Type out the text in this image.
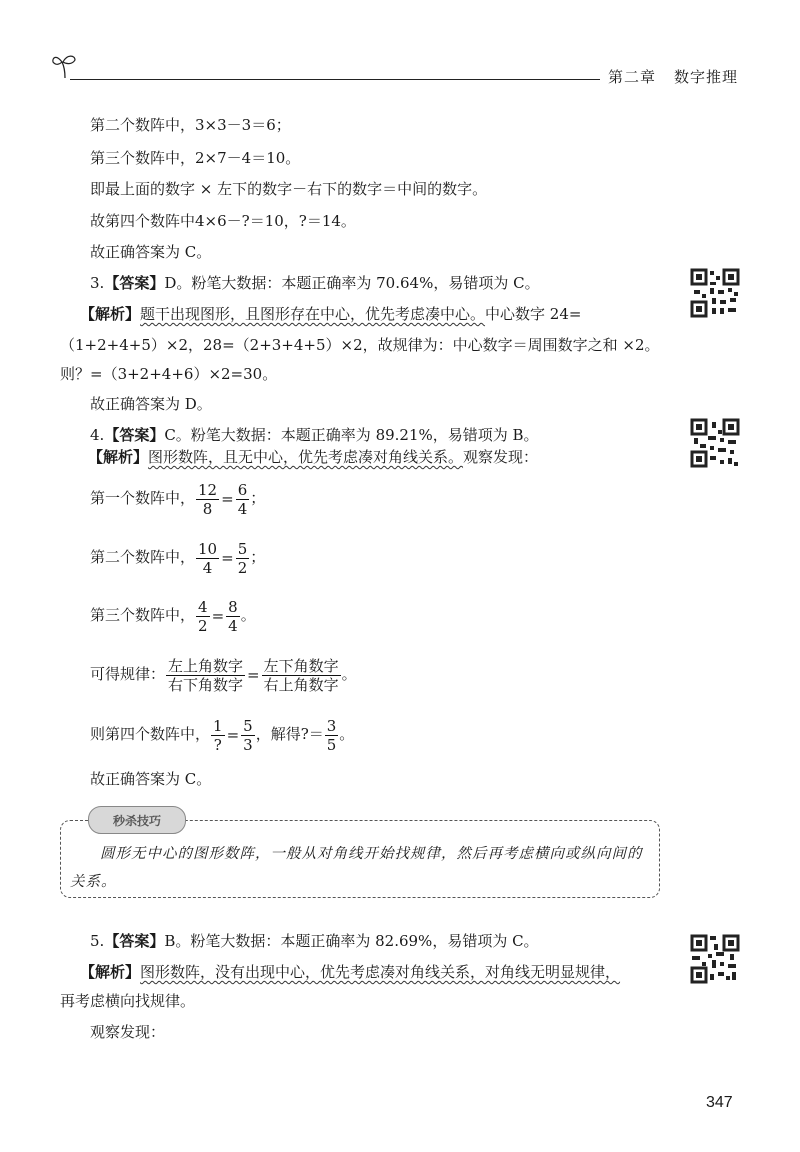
第二章 数字推理
第二个数阵中，3×3－3＝6；
第三个数阵中，2×7－4＝10。
即最上面的数字 × 左下的数字－右下的数字＝中间的数字。
故第四个数阵中4×6－?＝10，?＝14。
故正确答案为 C。
3.【答案】D。粉笔大数据：本题正确率为 70.64%，易错项为 C。
【解析】题干出现图形，且图形存在中心，优先考虑凑中心。中心数字 24=
（1+2+4+5）×2，28=（2+3+4+5）×2，故规律为：中心数字＝周围数字之和 ×2。
则？=（3+2+4+6）×2=30。
故正确答案为 D。
4.【答案】C。粉笔大数据：本题正确率为 89.21%，易错项为 B。
【解析】图形数阵，且无中心，优先考虑凑对角线关系。观察发现：
第一个数阵中， $\frac{12}{8} = \frac{6}{4}$ ；
第二个数阵中， $\frac{10}{4} = \frac{5}{2}$ ；
第三个数阵中， $\frac{4}{2} = \frac{8}{4}$ 。
可得规律： $\frac{\text{左上角数字}}{\text{右下角数字}} = \frac{\text{左下角数字}}{\text{右上角数字}}$ 。
则第四个数阵中， $\frac{1}{?} = \frac{5}{3}$ ，解得?＝ $\frac{3}{5}$ 。
故正确答案为 C。
秒杀技巧
圆形无中心的图形数阵，一般从对角线开始找规律，然后再考虑横向或纵向间的关系。
5.【答案】B。粉笔大数据：本题正确率为 82.69%，易错项为 C。
【解析】图形数阵，没有出现中心，优先考虑凑对角线关系，对角线无明显规律，
再考虑横向找规律。
观察发现：
347
